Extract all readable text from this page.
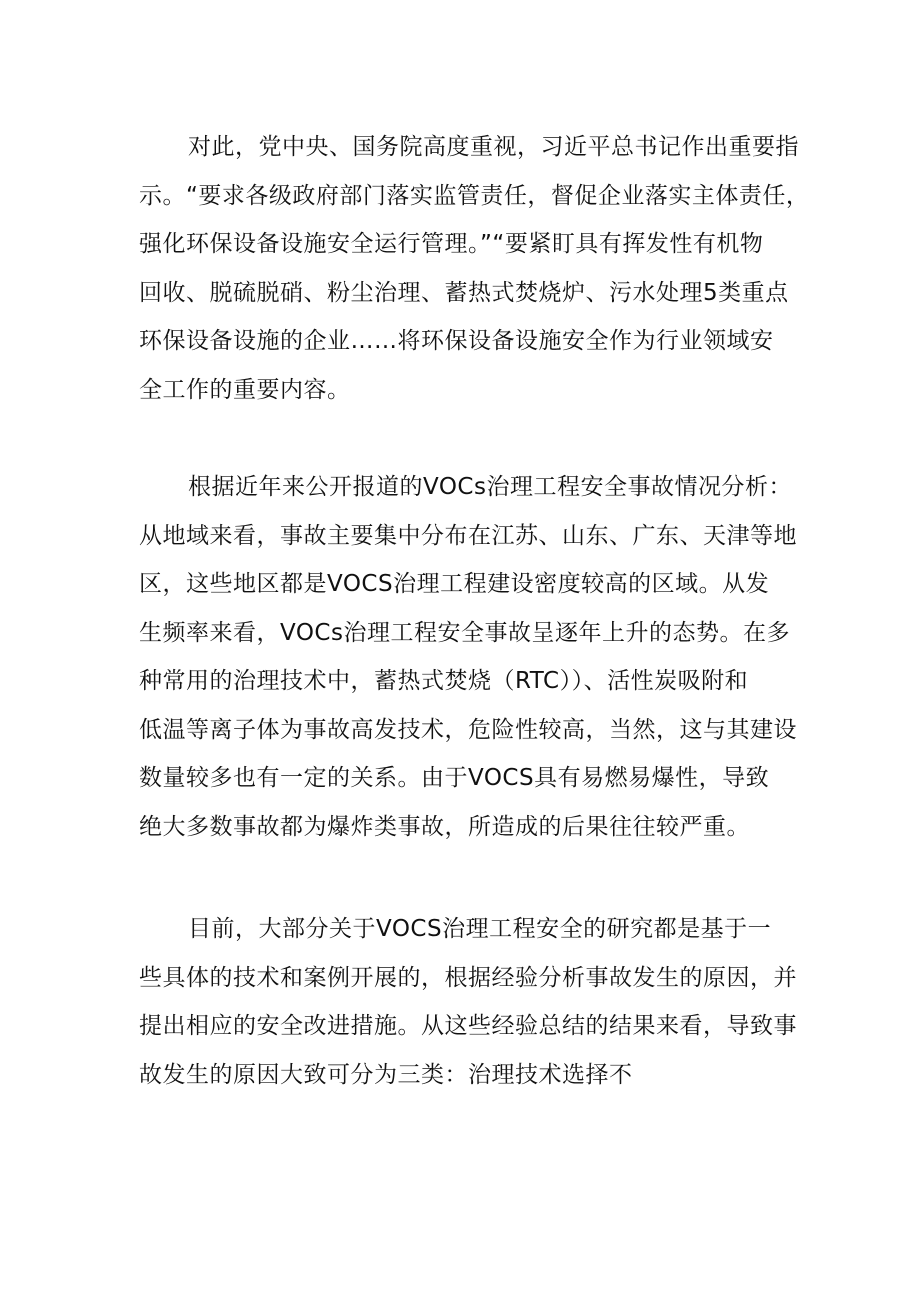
对此，党中央、国务院高度重视，习近平总书记作出重要指
示。“要求各级政府部门落实监管责任，督促企业落实主体责任，
强化环保设备设施安全运行管理。”“要紧盯具有挥发性有机物
回收、脱硫脱硝、粉尘治理、蓄热式焚烧炉、污水处理5类重点
环保设备设施的企业……将环保设备设施安全作为行业领域安
全工作的重要内容。

根据近年来公开报道的VOCs治理工程安全事故情况分析：
从地域来看，事故主要集中分布在江苏、山东、广东、天津等地
区，这些地区都是VOCS治理工程建设密度较高的区域。从发
生频率来看，VOCs治理工程安全事故呈逐年上升的态势。在多
种常用的治理技术中，蓄热式焚烧（RTC））、活性炭吸附和
低温等离子体为事故高发技术，危险性较高，当然，这与其建设
数量较多也有一定的关系。由于VOCS具有易燃易爆性，导致
绝大多数事故都为爆炸类事故，所造成的后果往往较严重。

目前，大部分关于VOCS治理工程安全的研究都是基于一
些具体的技术和案例开展的，根据经验分析事故发生的原因，并
提出相应的安全改进措施。从这些经验总结的结果来看，导致事
故发生的原因大致可分为三类：治理技术选择不
